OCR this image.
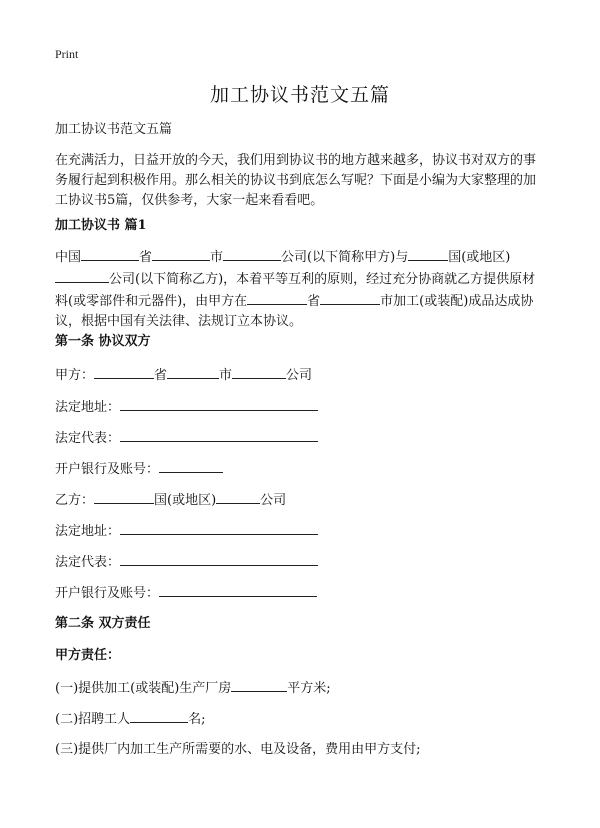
Print
加工协议书范文五篇

加工协议书范文五篇

在充满活力，日益开放的今天，我们用到协议书的地方越来越多，协议书对双方的事务履行起到积极作用。那么相关的协议书到底怎么写呢？下面是小编为大家整理的加工协议书5篇，仅供参考，大家一起来看看吧。

加工协议书 篇1

中国	省	市	公司(以下简称甲方)与	国(或地区)公司(以下简称乙方)，本着平等互利的原则，经过充分协商就乙方提供原材料(或零部件和元器件)，由甲方在	省	市加工(或装配)成品达成协议，根据中国有关法律、法规订立本协议。

第一条 协议双方
甲方：	省	市	公司
法定地址：
法定代表：
开户银行及账号：
乙方：	国(或地区)	公司
法定地址：
法定代表：
开户银行及账号：
第二条 双方责任
甲方责任：
(一)提供加工(或装配)生产厂房	平方米;
(二)招聘工人	名;
(三)提供厂内加工生产所需要的水、电及设备，费用由甲方支付;
